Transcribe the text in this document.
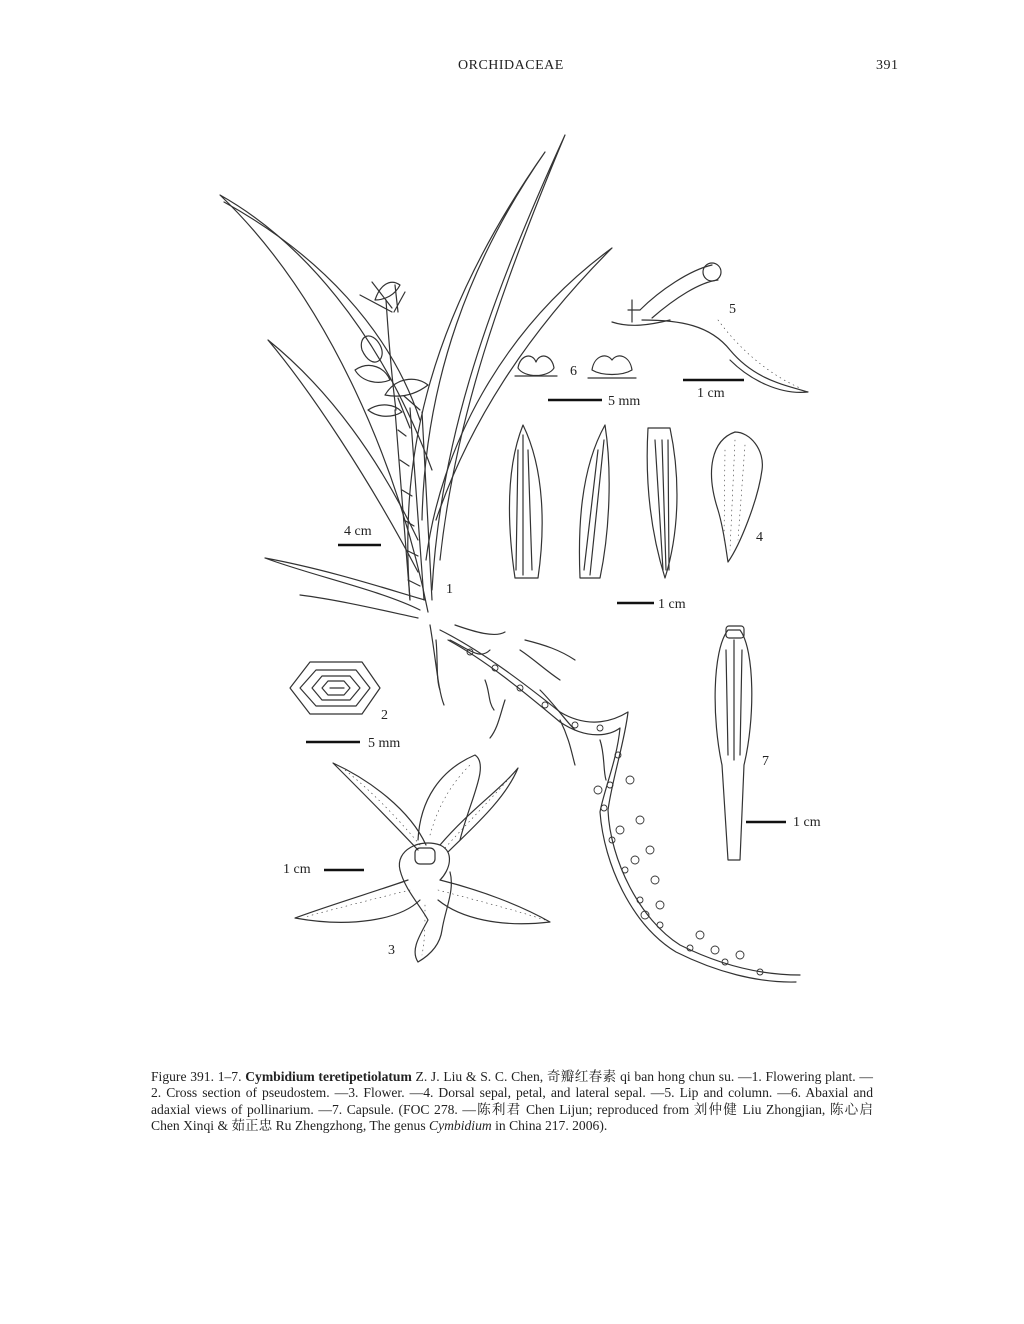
ORCHIDACEAE	391
4 cm
5 mm
1 cm
1 cm
1 cm
5 mm
1 cm
1
2
3
4
5
6
7
Figure 391. 1–7. Cymbidium teretipetiolatum Z. J. Liu & S. C. Chen, 奇瓣红春素 qi ban hong chun su. —1. Flowering plant. —2. Cross section of pseudostem. —3. Flower. —4. Dorsal sepal, petal, and lateral sepal. —5. Lip and column. —6. Abaxial and adaxial views of pollinarium. —7. Capsule. (FOC 278. —陈利君 Chen Lijun; reproduced from 刘仲健 Liu Zhongjian, 陈心启 Chen Xinqi & 茹正忠 Ru Zhengzhong, The genus Cymbidium in China 217. 2006).
